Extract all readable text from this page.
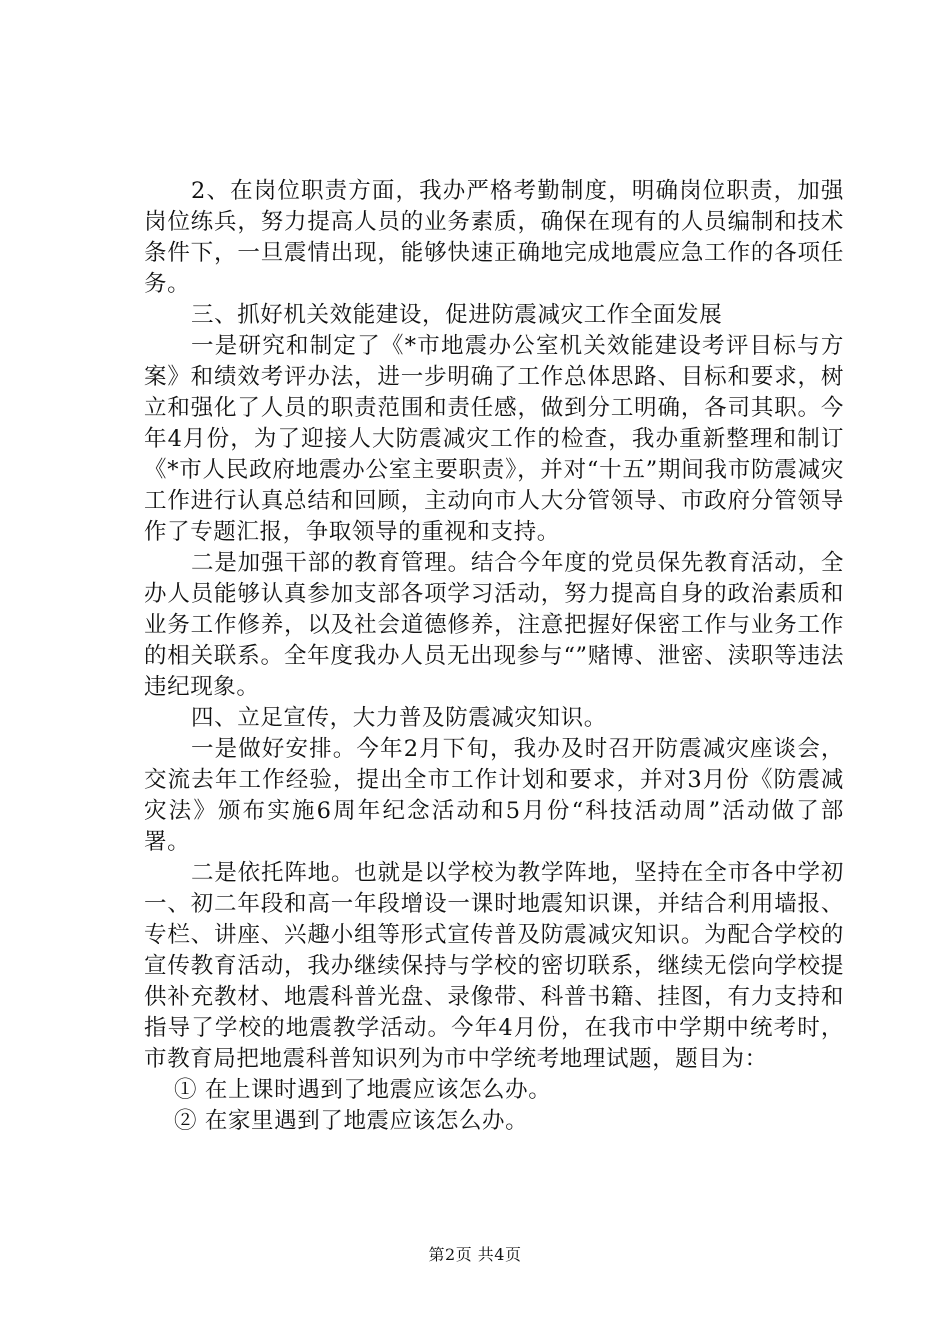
2、在岗位职责方面，我办严格考勤制度，明确岗位职责，加强岗位练兵，努力提高人员的业务素质，确保在现有的人员编制和技术条件下，一旦震情出现，能够快速正确地完成地震应急工作的各项任务。

三、抓好机关效能建设，促进防震减灾工作全面发展

一是研究和制定了《*市地震办公室机关效能建设考评目标与方案》和绩效考评办法，进一步明确了工作总体思路、目标和要求，树立和强化了人员的职责范围和责任感，做到分工明确，各司其职。今年4月份，为了迎接人大防震减灾工作的检查，我办重新整理和制订《*市人民政府地震办公室主要职责》，并对“十五”期间我市防震减灾工作进行认真总结和回顾，主动向市人大分管领导、市政府分管领导作了专题汇报，争取领导的重视和支持。

二是加强干部的教育管理。结合今年度的党员保先教育活动，全办人员能够认真参加支部各项学习活动，努力提高自身的政治素质和业务工作修养，以及社会道德修养，注意把握好保密工作与业务工作的相关联系。全年度我办人员无出现参与“”赌博、泄密、渎职等违法违纪现象。

四、立足宣传，大力普及防震减灾知识。

一是做好安排。今年2月下旬，我办及时召开防震减灾座谈会，交流去年工作经验，提出全市工作计划和要求，并对3月份《防震减灾法》颁布实施6周年纪念活动和5月份“科技活动周”活动做了部署。

二是依托阵地。也就是以学校为教学阵地，坚持在全市各中学初一、初二年段和高一年段增设一课时地震知识课，并结合利用墙报、专栏、讲座、兴趣小组等形式宣传普及防震减灾知识。为配合学校的宣传教育活动，我办继续保持与学校的密切联系，继续无偿向学校提供补充教材、地震科普光盘、录像带、科普书籍、挂图，有力支持和指导了学校的地震教学活动。今年4月份，在我市中学期中统考时，市教育局把地震科普知识列为市中学统考地理试题，题目为：

① 在上课时遇到了地震应该怎么办。

② 在家里遇到了地震应该怎么办。

第2页 共4页
